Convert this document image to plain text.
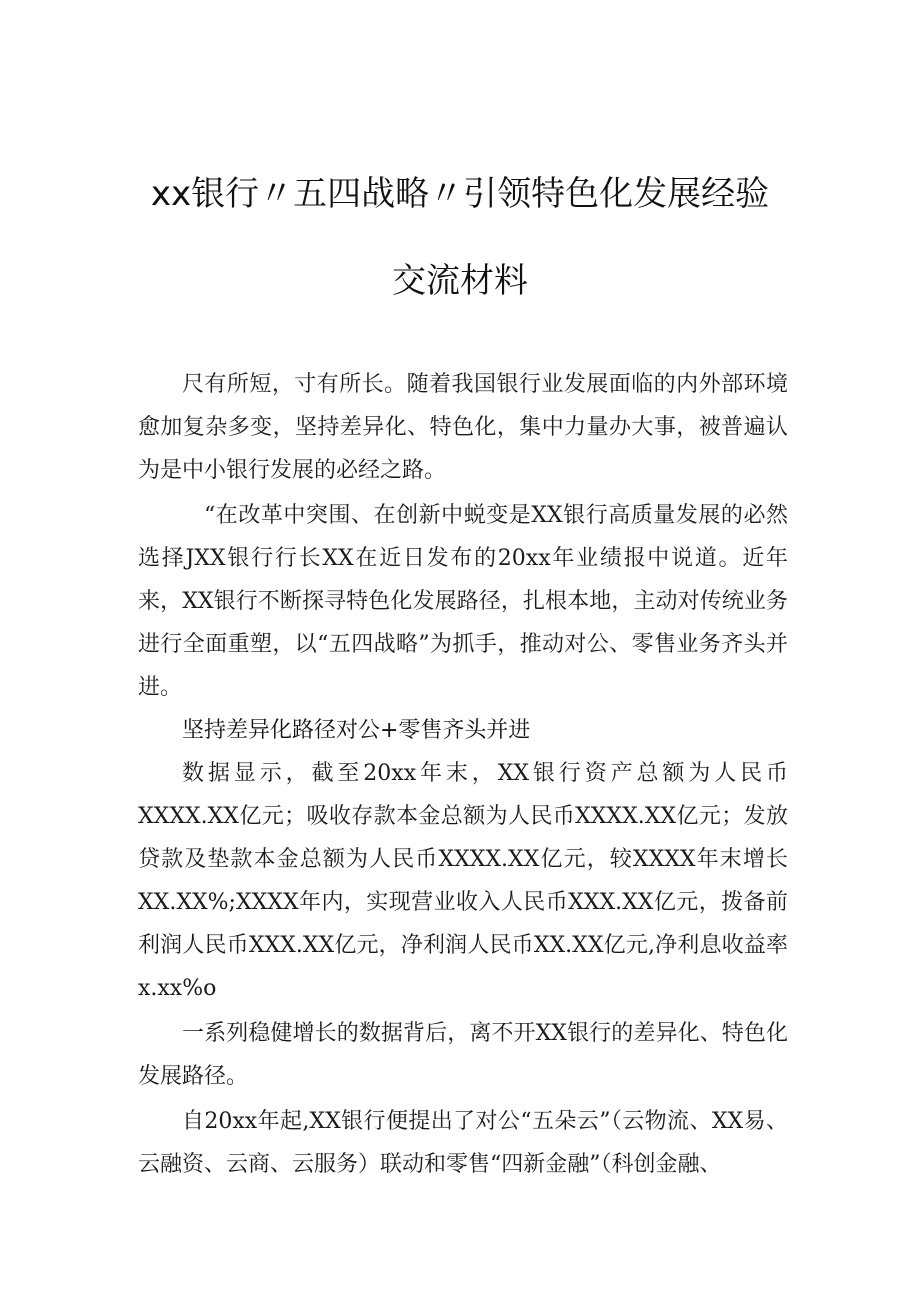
xx银行〃五四战略〃引领特色化发展经验
交流材料

尺有所短，寸有所长。随着我国银行业发展面临的内外部环境愈加复杂多变，坚持差异化、特色化，集中力量办大事，被普遍认为是中小银行发展的必经之路。

“在改革中突围、在创新中蜕变是XX银行高质量发展的必然选择JXX银行行长XX在近日发布的20xx年业绩报中说道。近年来，XX银行不断探寻特色化发展路径，扎根本地，主动对传统业务进行全面重塑，以“五四战略”为抓手，推动对公、零售业务齐头并进。

坚持差异化路径对公+零售齐头并进

数据显示，截至20xx年末，XX银行资产总额为人民币XXXX.XX亿元；吸收存款本金总额为人民币XXXX.XX亿元；发放贷款及垫款本金总额为人民币XXXX.XX亿元，较XXXX年末增长XX.XX%;XXXX年内，实现营业收入人民币XXX.XX亿元，拨备前利润人民币XXX.XX亿元，净利润人民币XX.XX亿元,净利息收益率x.xx%o

一系列稳健增长的数据背后，离不开XX银行的差异化、特色化发展路径。

自20xx年起,XX银行便提出了对公“五朵云”（云物流、XX易、云融资、云商、云服务）联动和零售“四新金融”（科创金融、
